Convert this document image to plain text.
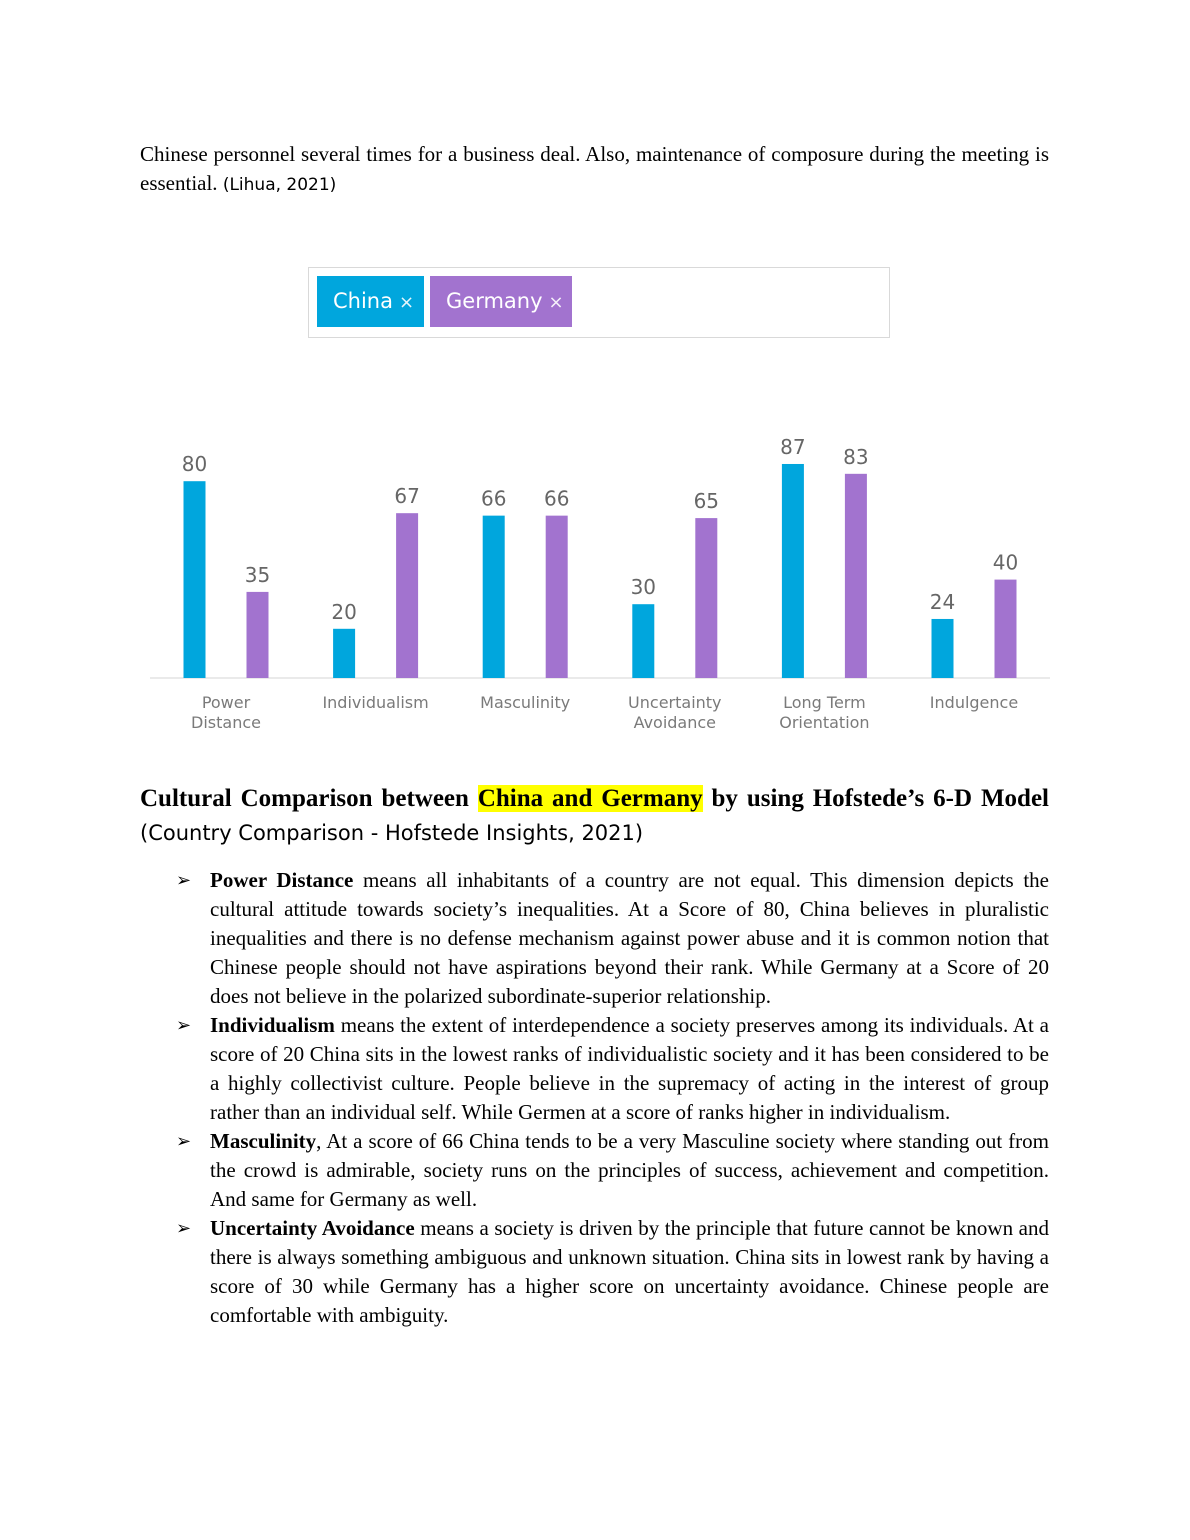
Chinese personnel several times for a business deal. Also, maintenance of composure during the meeting is essential. (Lihua, 2021)

China ×	Germany ×
80
35
Power
Distance
20
67
Individualism
66 66
Masculinity
30
65
Uncertainty
Avoidance
87 83
Long Term
Orientation
24
40
Indulgence
Cultural Comparison between China and Germany by using Hofstede’s 6-D Model (Country Comparison - Hofstede Insights, 2021)
➢ Power Distance means all inhabitants of a country are not equal. This dimension depicts the cultural attitude towards society’s inequalities. At a Score of 80, China believes in pluralistic inequalities and there is no defense mechanism against power abuse and it is common notion that Chinese people should not have aspirations beyond their rank. While Germany at a Score of 20 does not believe in the polarized subordinate-superior relationship.
➢ Individualism means the extent of interdependence a society preserves among its individuals. At a score of 20 China sits in the lowest ranks of individualistic society and it has been considered to be a highly collectivist culture. People believe in the supremacy of acting in the interest of group rather than an individual self. While Germen at a score of ranks higher in individualism.
➢ Masculinity, At a score of 66 China tends to be a very Masculine society where standing out from the crowd is admirable, society runs on the principles of success, achievement and competition. And same for Germany as well.
➢ Uncertainty Avoidance means a society is driven by the principle that future cannot be known and there is always something ambiguous and unknown situation. China sits in lowest rank by having a score of 30 while Germany has a higher score on uncertainty avoidance. Chinese people are comfortable with ambiguity.
